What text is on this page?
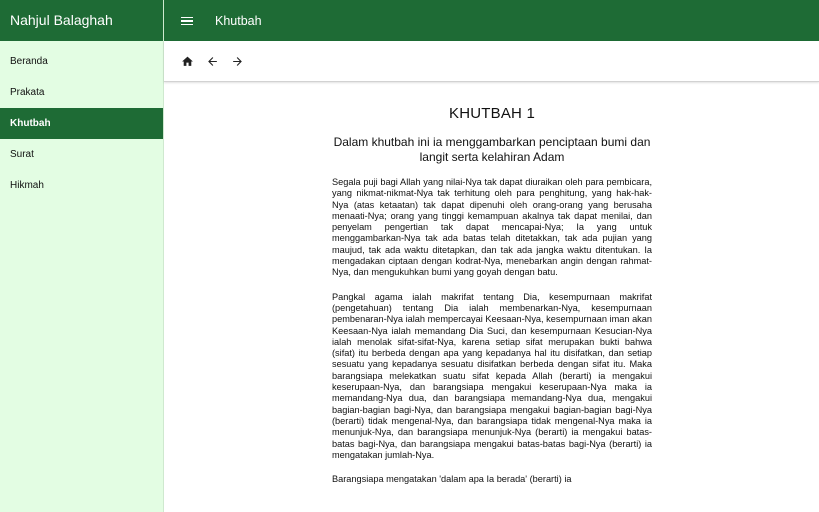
Nahjul Balaghah
Beranda
Prakata
Khutbah
Surat
Hikmah
Khutbah
KHUTBAH 1
Dalam khutbah ini ia menggambarkan penciptaan bumi dan langit serta kelahiran Adam

Segala puji bagi Allah yang nilai-Nya tak dapat diuraikan oleh para pembicara, yang nikmat-nikmat-Nya tak terhitung oleh para penghitung, yang hak-hak-Nya (atas ketaatan) tak dapat dipenuhi oleh orang-orang yang berusaha menaati-Nya; orang yang tinggi kemampuan akalnya tak dapat menilai, dan penyelam pengertian tak dapat mencapai-Nya; Ia yang untuk menggambarkan-Nya tak ada batas telah ditetakkan, tak ada pujian yang maujud, tak ada waktu ditetapkan, dan tak ada jangka waktu ditentukan. Ia mengadakan ciptaan dengan kodrat-Nya, menebarkan angin dengan rahmat-Nya, dan mengukuhkan bumi yang goyah dengan batu.

Pangkal agama ialah makrifat tentang Dia, kesempurnaan makrifat (pengetahuan) tentang Dia ialah membenarkan-Nya, kesempurnaan pembenaran-Nya ialah mempercayai Keesaan-Nya, kesempurnaan iman akan Keesaan-Nya ialah memandang Dia Suci, dan kesempurnaan Kesucian-Nya ialah menolak sifat-sifat-Nya, karena setiap sifat merupakan bukti bahwa (sifat) itu berbeda dengan apa yang kepadanya hal itu disifatkan, dan setiap sesuatu yang kepadanya sesuatu disifatkan berbeda dengan sifat itu. Maka barangsiapa melekatkan suatu sifat kepada Allah (berarti) ia mengakui keserupaan-Nya, dan barangsiapa mengakui keserupaan-Nya maka ia memandang-Nya dua, dan barangsiapa memandang-Nya dua, mengakui bagian-bagian bagi-Nya, dan barangsiapa mengakui bagian-bagian bagi-Nya (berarti) tidak mengenal-Nya, dan barangsiapa tidak mengenal-Nya maka ia menunjuk-Nya, dan barangsiapa menunjuk-Nya (berarti) ia mengakui batas-batas bagi-Nya, dan barangsiapa mengakui batas-batas bagi-Nya (berarti) ia mengatakan jumlah-Nya.

Barangsiapa mengatakan 'dalam apa Ia berada' (berarti) ia
